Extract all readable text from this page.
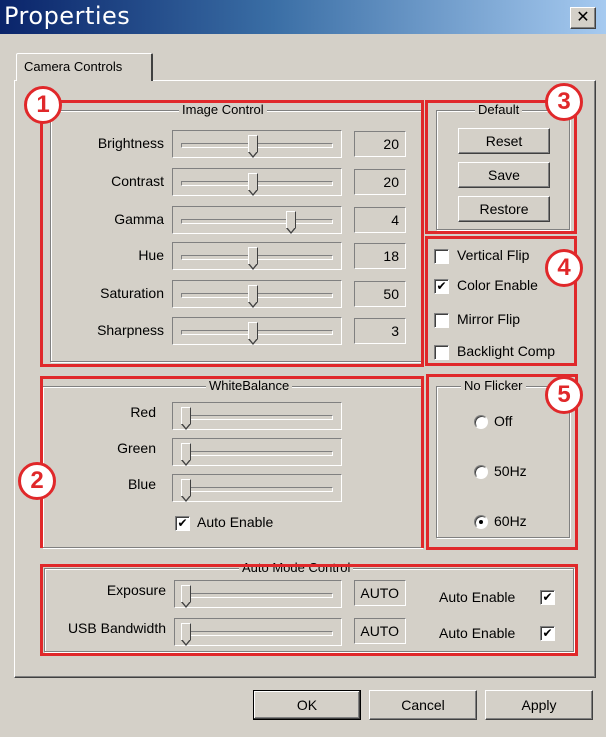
Properties	✕
Camera Controls
Image Control
1
Brightness	20
Contrast	20
Gamma	4
Hue	18
Saturation	50
Sharpness	3
Default	3
Reset
Save
Restore
4
Vertical Flip
✔ Color Enable
Mirror Flip
Backlight Comp
WhiteBalance
2
Red
Green
Blue
✔ Auto Enable
No Flicker	5
Off
50Hz
60Hz
Auto Mode Control
Exposure	AUTO	Auto Enable ✔
USB Bandwidth	AUTO	Auto Enable ✔
OK	Cancel	Apply
